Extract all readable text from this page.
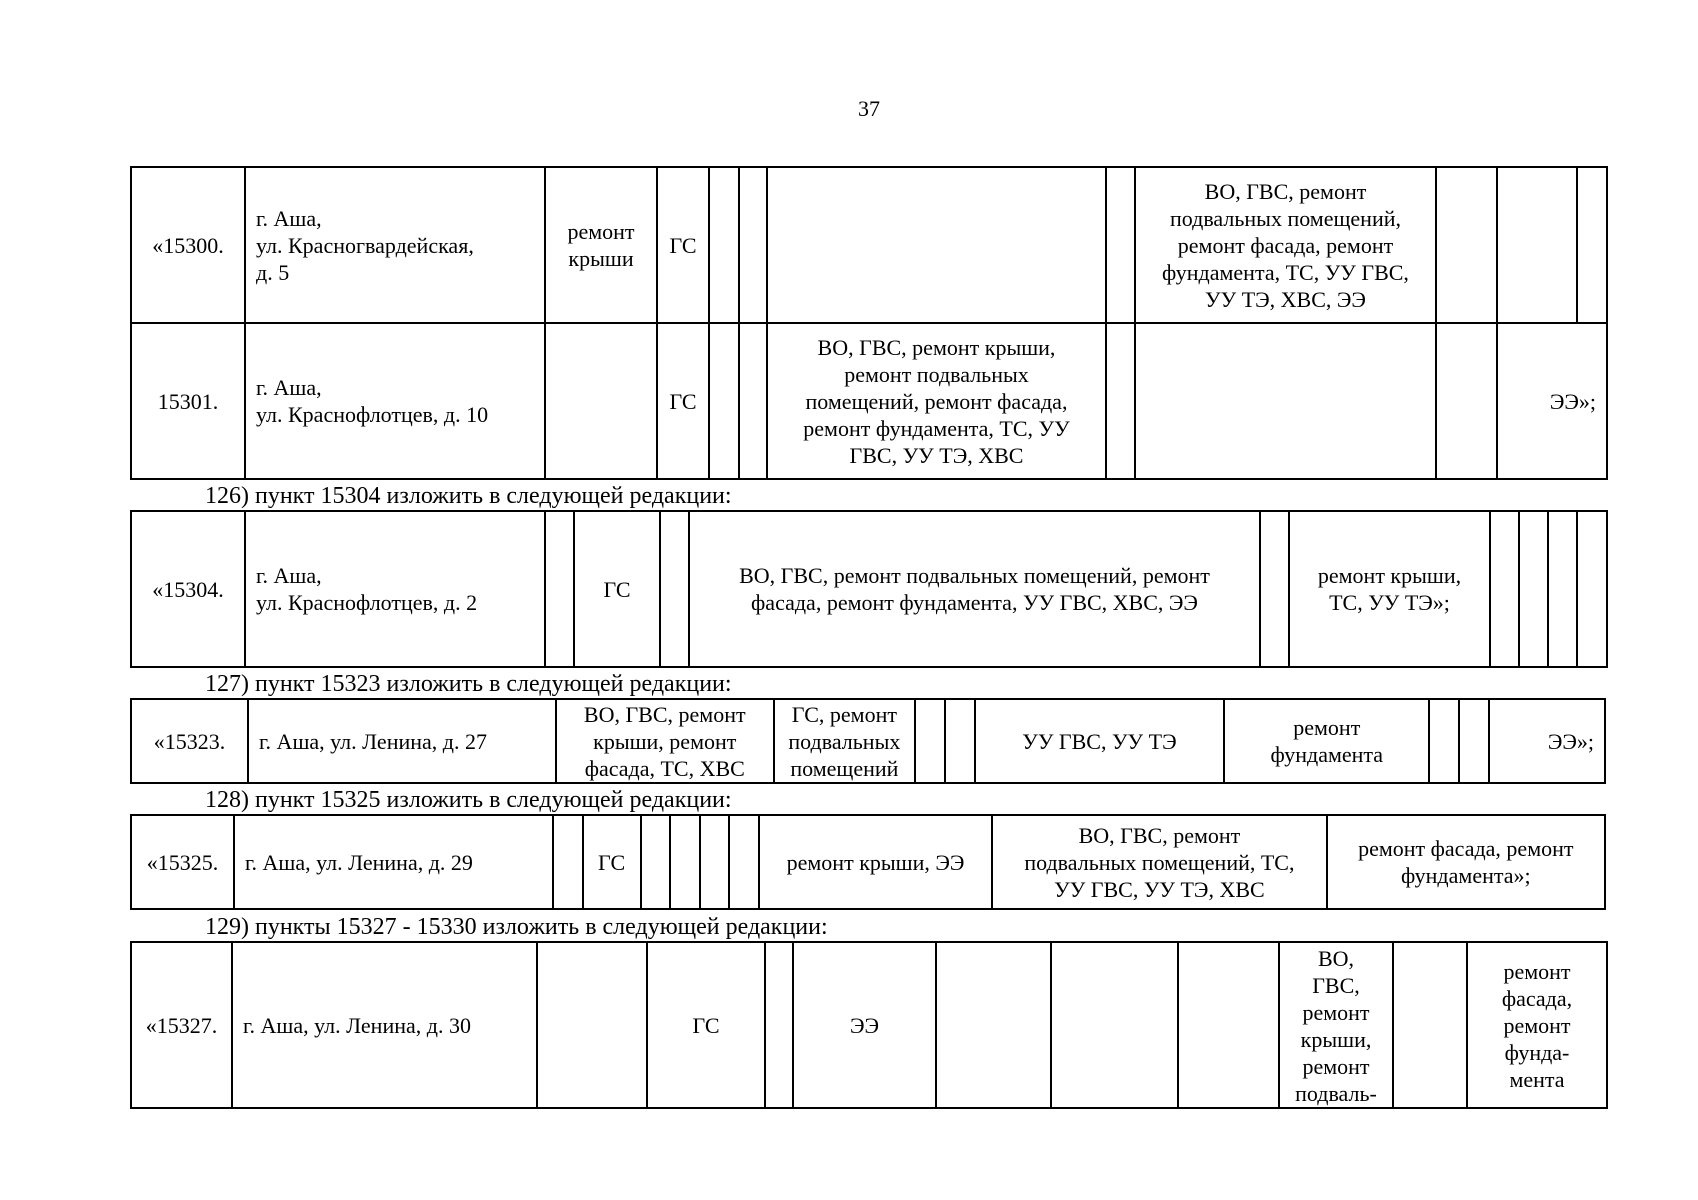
37
«15300.	г. Аша,
ул. Красногвардейская,
д. 5	ремонт
крыши	ГС					ВО, ГВС, ремонт
подвальных помещений,
ремонт фасада, ремонт
фундамента, ТС, УУ ГВС,
УУ ТЭ, ХВС, ЭЭ			
15301.	г. Аша,
ул. Краснофлотцев, д. 10		ГС			ВО, ГВС, ремонт крыши,
ремонт подвальных
помещений, ремонт фасада,
ремонт фундамента, ТС, УУ
ГВС, УУ ТЭ, ХВС				ЭЭ»;	
126) пункт 15304 изложить в следующей редакции:
«15304.	г. Аша,
ул. Краснофлотцев, д. 2		ГС		ВО, ГВС, ремонт подвальных помещений, ремонт
фасада, ремонт фундамента, УУ ГВС, ХВС, ЭЭ		ремонт крыши,
ТС, УУ ТЭ»;				
127) пункт 15323 изложить в следующей редакции:
«15323.	г. Аша, ул. Ленина, д. 27	ВО, ГВС, ремонт
крыши, ремонт
фасада, ТС, ХВС	ГС, ремонт
подвальных
помещений			УУ ГВС, УУ ТЭ	ремонт
фундамента			ЭЭ»;
128) пункт 15325 изложить в следующей редакции:
«15325.	г. Аша, ул. Ленина, д. 29		ГС					ремонт крыши, ЭЭ	ВО, ГВС, ремонт
подвальных помещений, ТС,
УУ ГВС, УУ ТЭ, ХВС	ремонт фасада, ремонт
фундамента»;
129) пункты 15327 - 15330 изложить в следующей редакции:
«15327.	г. Аша, ул. Ленина, д. 30		ГС		ЭЭ				ВО,
ГВС,
ремонт
крыши,
ремонт
подваль-		ремонт
фасада,
ремонт
фунда-
мента
